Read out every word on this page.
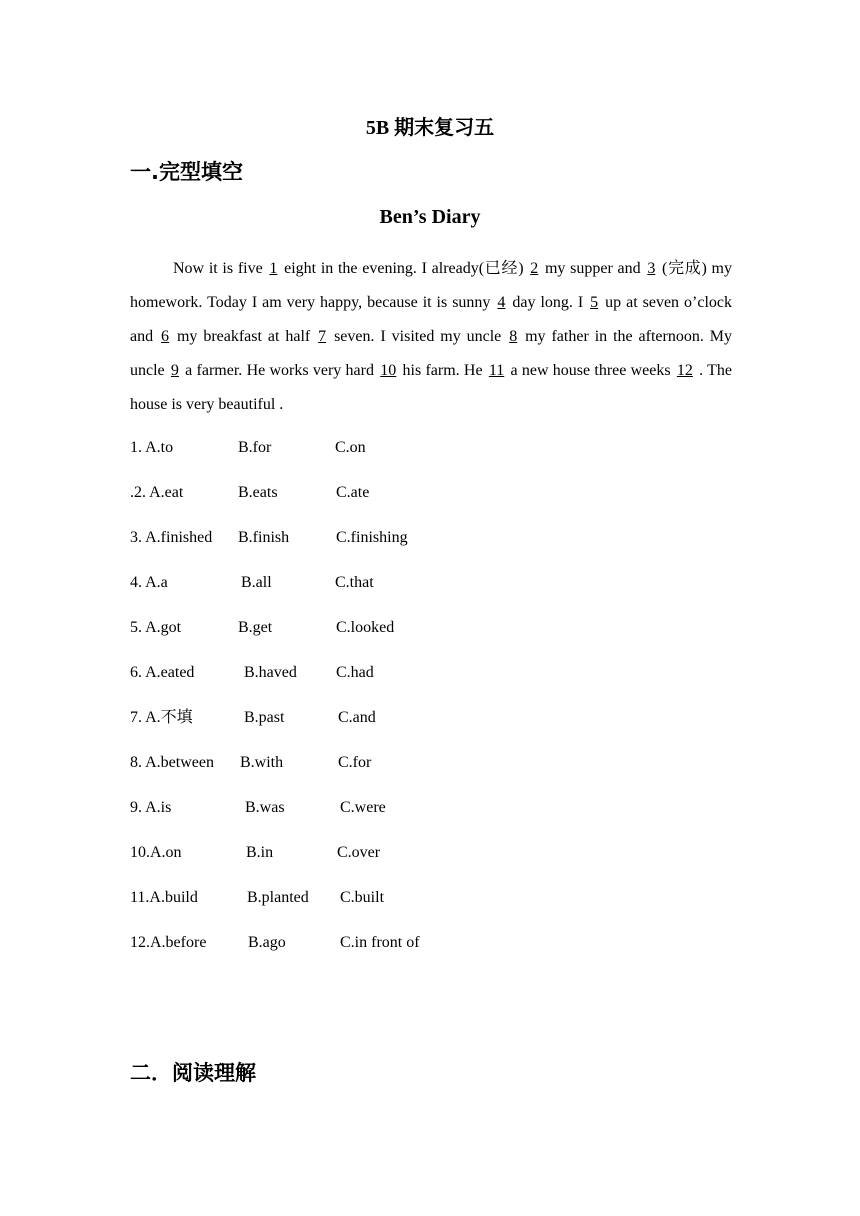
5B 期末复习五
一.完型填空
Ben’s Diary

Now it is five 1 eight in the evening. I already(已经) 2 my supper and 3 (完成) my homework. Today I am very happy, because it is sunny 4 day long. I 5 up at seven o’clock and 6 my breakfast at half 7 seven. I visited my uncle 8 my father in the afternoon. My uncle 9 a farmer. He works very hard 10 his farm. He 11 a new house three weeks 12 . The house is very beautiful .

1. A.to	B.for	C.on
.2. A.eat	B.eats	C.ate
3. A.finished B.finish	C.finishing
4. A.a	B.all	C.that
5. A.got	B.get	C.looked
6. A.eated	B.haved C.had
7. A.不填	B.past	C.and
8. A.between B.with	C.for
9. A.is	B.was	C.were
10.A.on	B.in	C.over
11.A.build	B.planted C.built
12.A.before	B.ago	C.in front of
二．阅读理解
